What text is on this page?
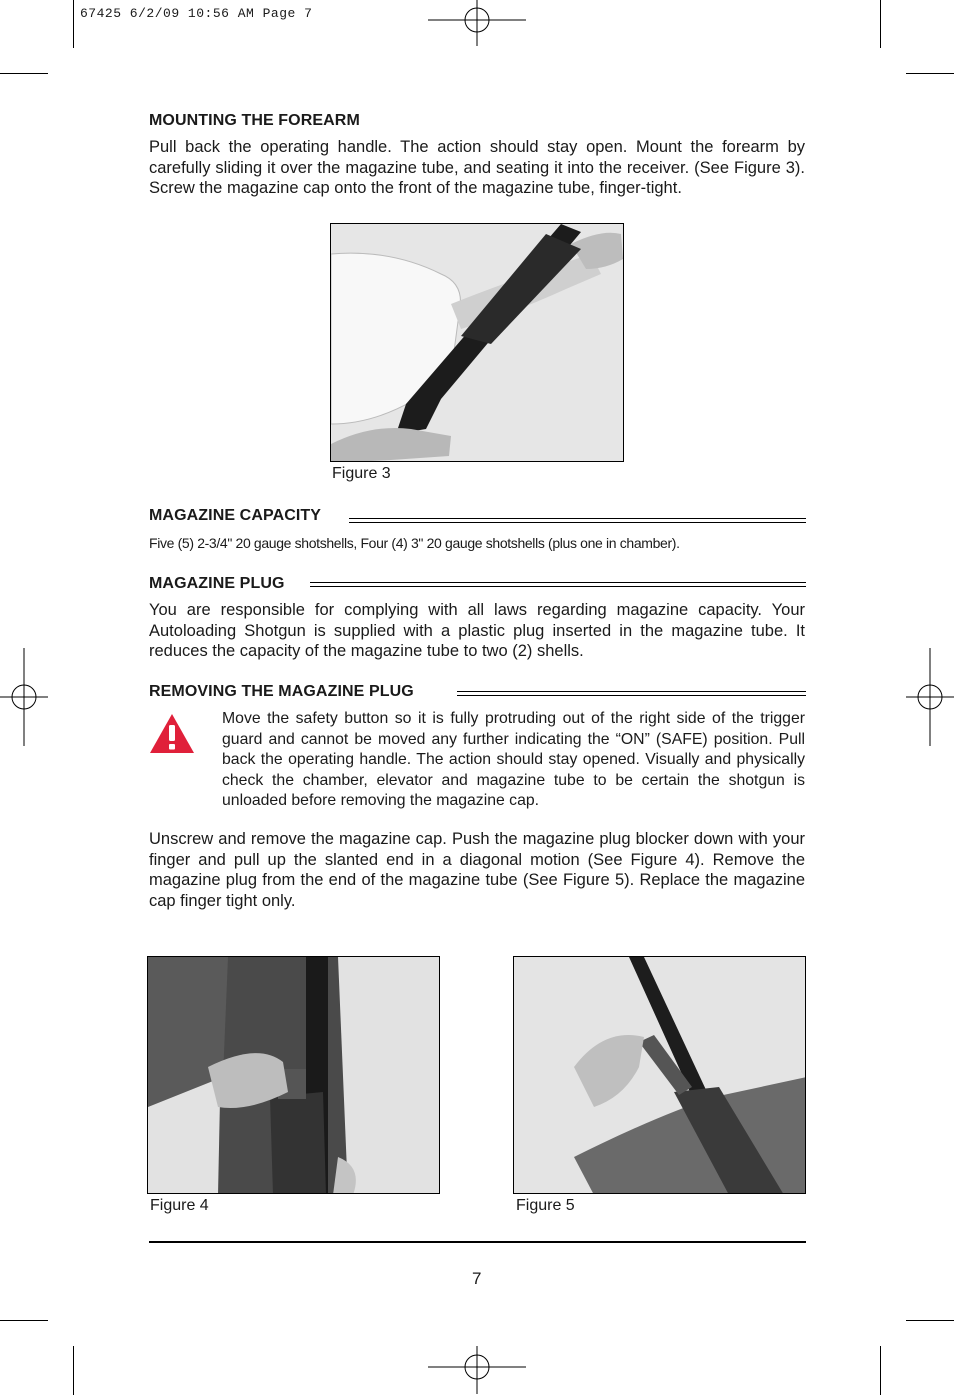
67425 6/2/09 10:56 AM Page 7
MOUNTING THE FOREARM

Pull back the operating handle. The action should stay open. Mount the forearm by carefully sliding it over the magazine tube, and seating it into the receiver. (See Figure 3). Screw the magazine cap onto the front of the magazine tube, finger-tight.

Figure 3
MAGAZINE CAPACITY

Five (5) 2-3/4" 20 gauge shotshells, Four (4) 3" 20 gauge shotshells (plus one in chamber).

MAGAZINE PLUG

You are responsible for complying with all laws regarding magazine capacity. Your Autoloading Shotgun is supplied with a plastic plug inserted in the magazine tube. It reduces the capacity of the magazine tube to two (2) shells.

REMOVING THE MAGAZINE PLUG

Move the safety button so it is fully protruding out of the right side of the trigger guard and cannot be moved any further indicating the “ON” (SAFE) position. Pull back the operating handle. The action should stay opened. Visually and physically check the chamber, elevator and magazine tube to be certain the shotgun is unloaded before removing the magazine cap.

Unscrew and remove the magazine cap. Push the magazine plug blocker down with your finger and pull up the slanted end in a diagonal motion (See Figure 4). Remove the magazine plug from the end of the magazine tube (See Figure 5). Replace the magazine cap finger tight only.

Figure 4	Figure 5
7
